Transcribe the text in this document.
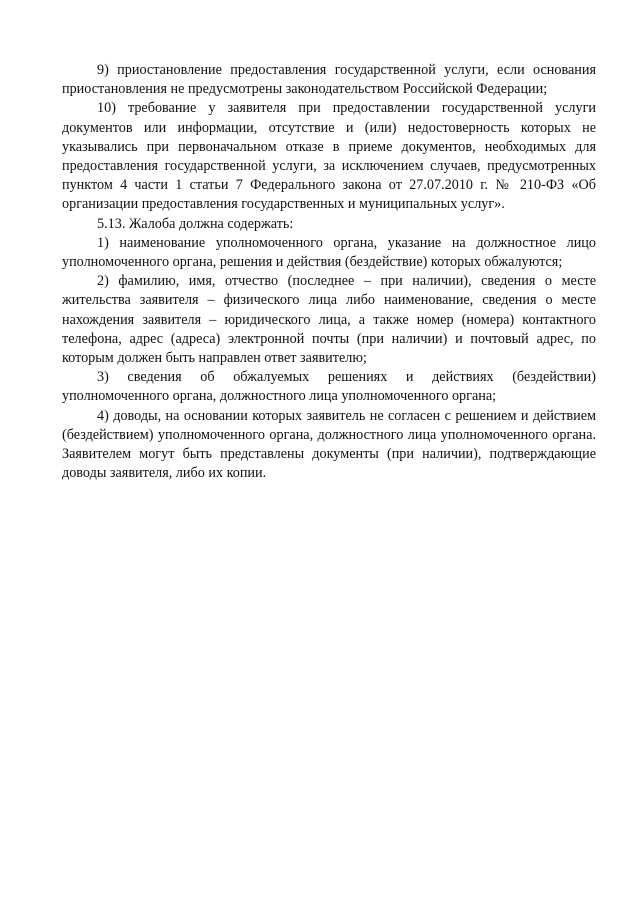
9) приостановление предоставления государственной услуги, если основания приостановления не предусмотрены законодательством Российской Федерации;

10) требование у заявителя при предоставлении государственной услуги документов или информации, отсутствие и (или) недостоверность которых не указывались при первоначальном отказе в приеме документов, необходимых для предоставления государственной услуги, за исключением случаев, предусмотренных пунктом 4 части 1 статьи 7 Федерального закона от 27.07.2010 г. № 210-ФЗ «Об организации предоставления государственных и муниципальных услуг».

5.13. Жалоба должна содержать:

1) наименование уполномоченного органа, указание на должностное лицо уполномоченного органа, решения и действия (бездействие) которых обжалуются;

2) фамилию, имя, отчество (последнее – при наличии), сведения о месте жительства заявителя – физического лица либо наименование, сведения о месте нахождения заявителя – юридического лица, а также номер (номера) контактного телефона, адрес (адреса) электронной почты (при наличии) и почтовый адрес, по которым должен быть направлен ответ заявителю;

3) сведения об обжалуемых решениях и действиях (бездействии) уполномоченного органа, должностного лица уполномоченного органа;

4) доводы, на основании которых заявитель не согласен с решением и действием (бездействием) уполномоченного органа, должностного лица уполномоченного органа. Заявителем могут быть представлены документы (при наличии), подтверждающие доводы заявителя, либо их копии.
